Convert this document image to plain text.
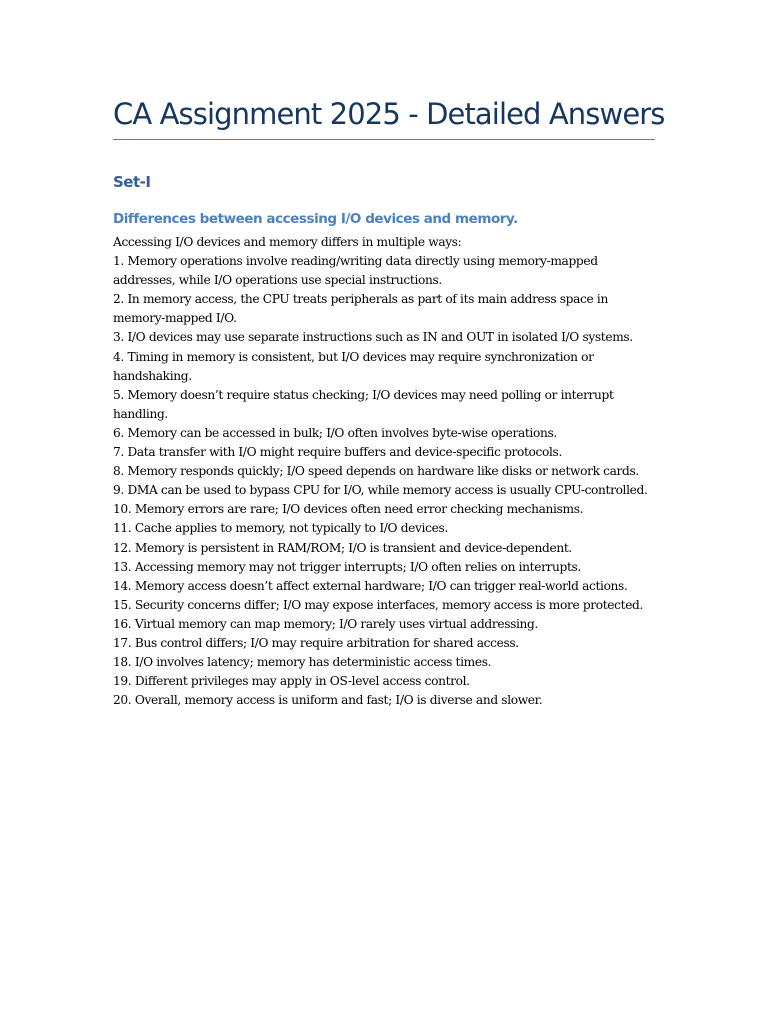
CA Assignment 2025 - Detailed Answers
Set-I
Differences between accessing I/O devices and memory.
Accessing I/O devices and memory differs in multiple ways:
1. Memory operations involve reading/writing data directly using memory-mapped addresses, while I/O operations use special instructions.
2. In memory access, the CPU treats peripherals as part of its main address space in memory-mapped I/O.
3. I/O devices may use separate instructions such as IN and OUT in isolated I/O systems.
4. Timing in memory is consistent, but I/O devices may require synchronization or handshaking.
5. Memory doesn’t require status checking; I/O devices may need polling or interrupt handling.
6. Memory can be accessed in bulk; I/O often involves byte-wise operations.
7. Data transfer with I/O might require buffers and device-specific protocols.
8. Memory responds quickly; I/O speed depends on hardware like disks or network cards.
9. DMA can be used to bypass CPU for I/O, while memory access is usually CPU-controlled.
10. Memory errors are rare; I/O devices often need error checking mechanisms.
11. Cache applies to memory, not typically to I/O devices.
12. Memory is persistent in RAM/ROM; I/O is transient and device-dependent.
13. Accessing memory may not trigger interrupts; I/O often relies on interrupts.
14. Memory access doesn’t affect external hardware; I/O can trigger real-world actions.
15. Security concerns differ; I/O may expose interfaces, memory access is more protected.
16. Virtual memory can map memory; I/O rarely uses virtual addressing.
17. Bus control differs; I/O may require arbitration for shared access.
18. I/O involves latency; memory has deterministic access times.
19. Different privileges may apply in OS-level access control.
20. Overall, memory access is uniform and fast; I/O is diverse and slower.
